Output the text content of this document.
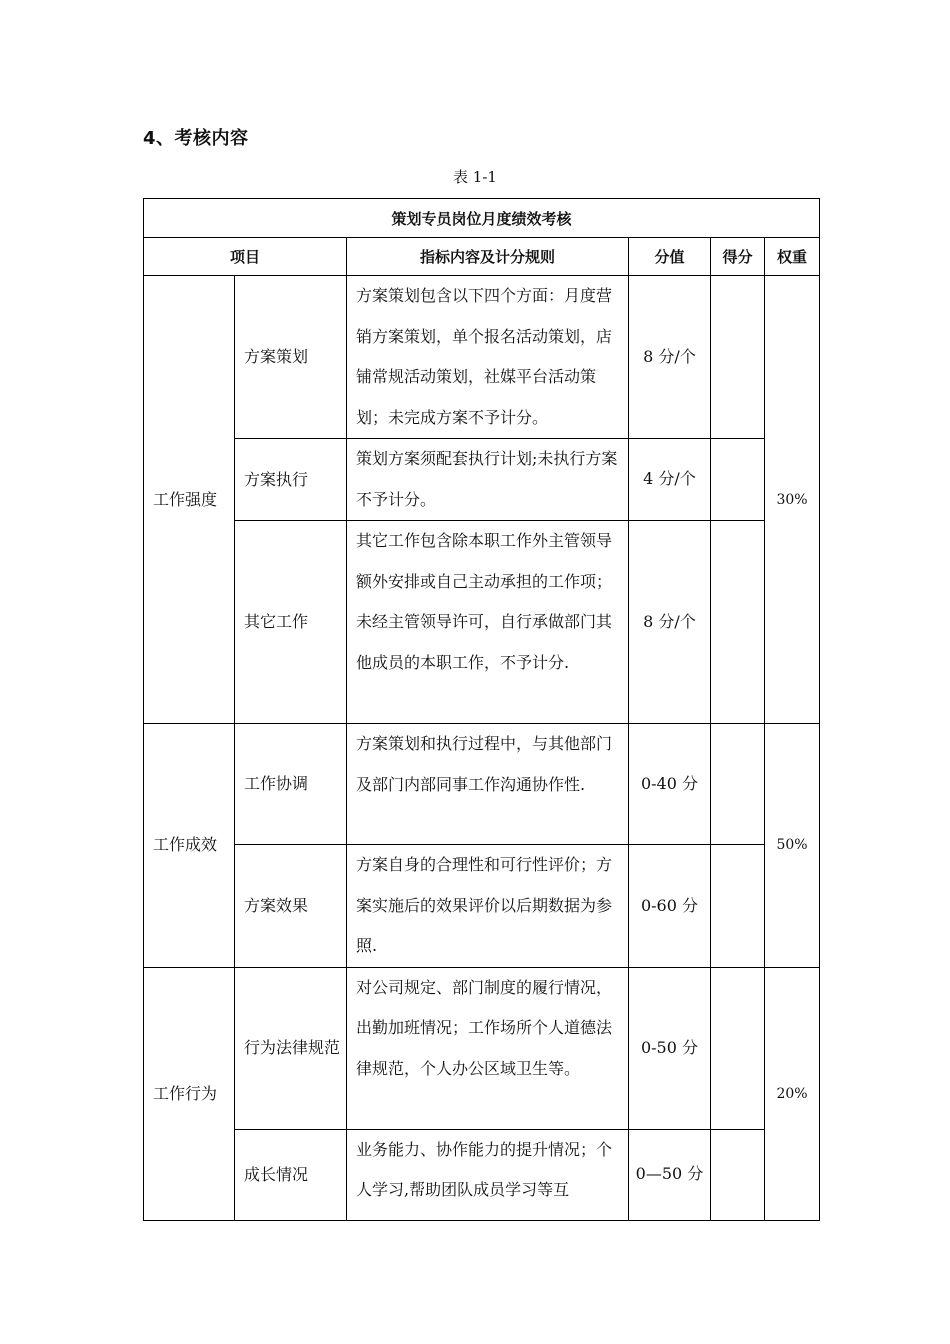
4、考核内容
表 1-1
策划专员岗位月度绩效考核					
项目		指标内容及计分规则	分值	得分	权重
工作强度	方案策划	方案策划包含以下四个方面：月度营销方案策划，单个报名活动策划，店铺常规活动策划，社媒平台活动策划；未完成方案不予计分。	8 分/个		30%
	方案执行	策划方案须配套执行计划;未执行方案不予计分。	4 分/个		
	其它工作	其它工作包含除本职工作外主管领导额外安排或自己主动承担的工作项；未经主管领导许可，自行承做部门其他成员的本职工作，不予计分.	8 分/个		
工作成效	工作协调	方案策划和执行过程中，与其他部门及部门内部同事工作沟通协作性.	0-40 分		50%
	方案效果	方案自身的合理性和可行性评价；方案实施后的效果评价以后期数据为参照.	0-60 分		
工作行为	行为法律规范	对公司规定、部门制度的履行情况，出勤加班情况；工作场所个人道德法律规范，个人办公区域卫生等。	0-50 分		20%
	成长情况	业务能力、协作能力的提升情况；个人学习,帮助团队成员学习等互	0—50 分		
